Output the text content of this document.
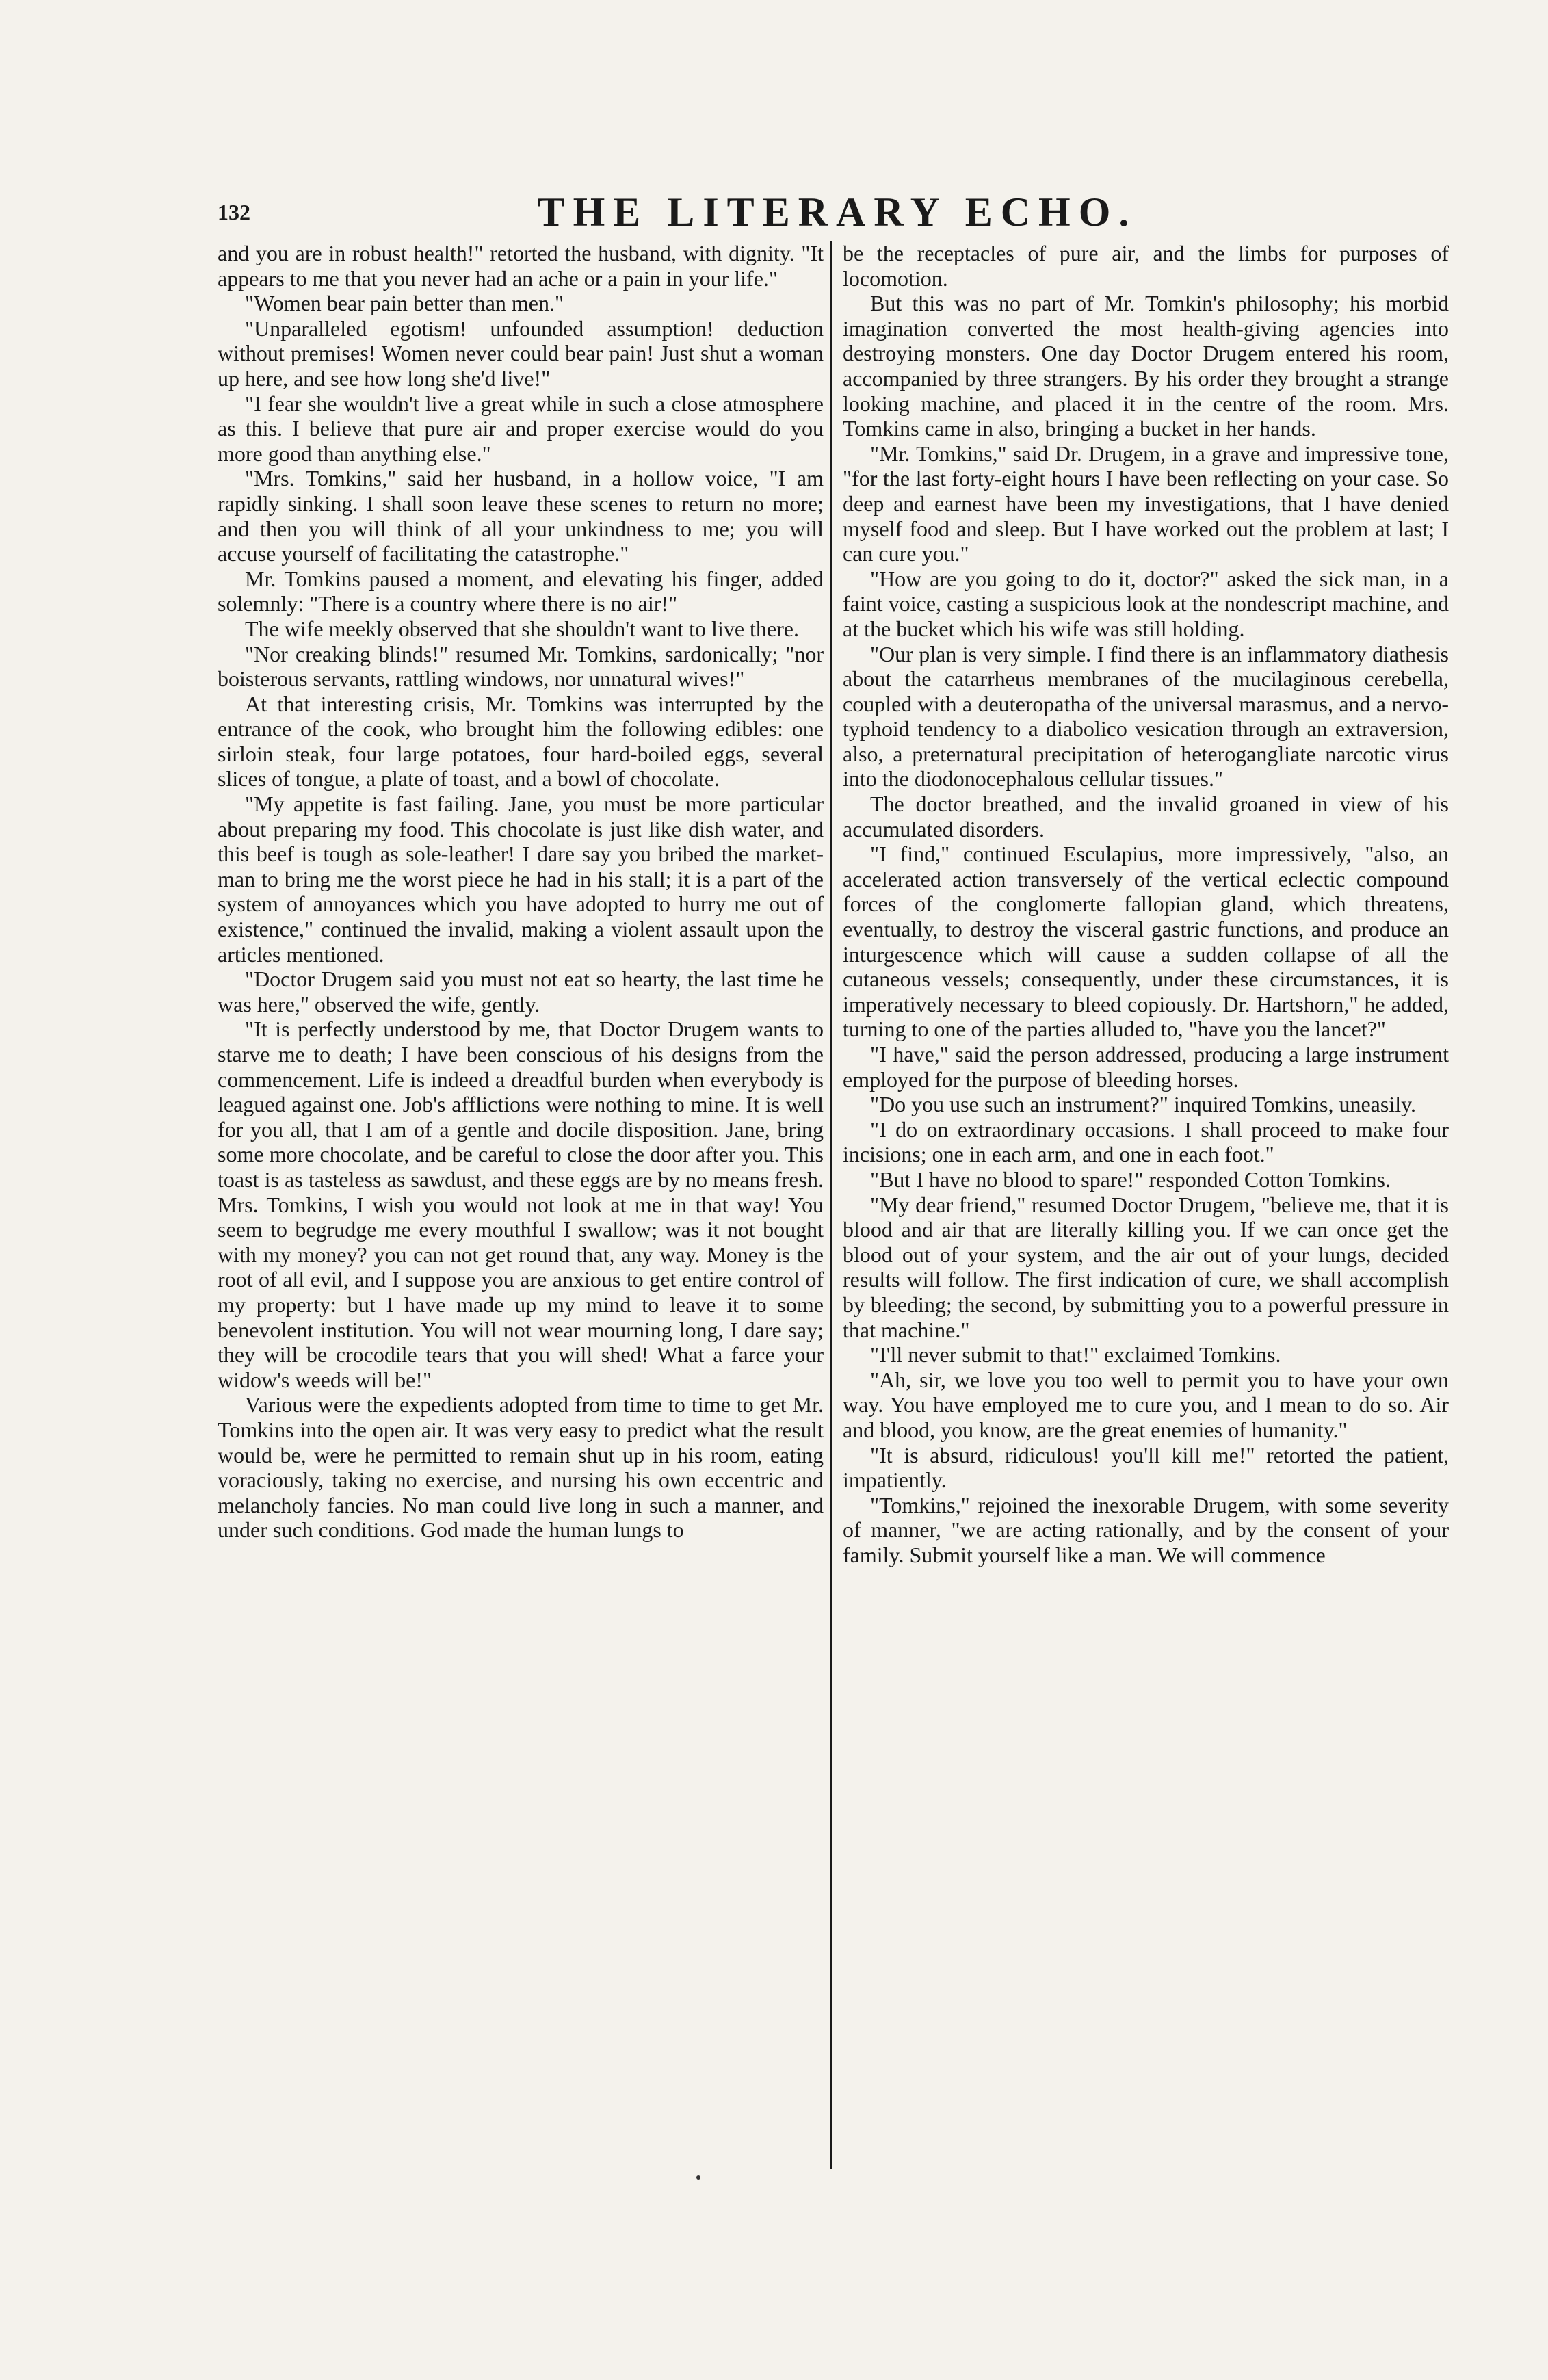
132	THE LITERARY ECHO.

and you are in robust health!" retorted the husband, with dignity. "It appears to me that you never had an ache or a pain in your life."

"Women bear pain better than men."

"Unparalleled egotism! unfounded assumption! deduction without premises! Women never could bear pain! Just shut a woman up here, and see how long she'd live!"

"I fear she wouldn't live a great while in such a close atmosphere as this. I believe that pure air and proper exercise would do you more good than anything else."

"Mrs. Tomkins," said her husband, in a hollow voice, "I am rapidly sinking. I shall soon leave these scenes to return no more; and then you will think of all your unkindness to me; you will accuse yourself of facilitating the catastrophe."

Mr. Tomkins paused a moment, and elevating his finger, added solemnly: "There is a country where there is no air!"

The wife meekly observed that she shouldn't want to live there.

"Nor creaking blinds!" resumed Mr. Tomkins, sardonically; "nor boisterous servants, rattling windows, nor unnatural wives!"

At that interesting crisis, Mr. Tomkins was interrupted by the entrance of the cook, who brought him the following edibles: one sirloin steak, four large potatoes, four hard-boiled eggs, several slices of tongue, a plate of toast, and a bowl of chocolate.

"My appetite is fast failing. Jane, you must be more particular about preparing my food. This chocolate is just like dish water, and this beef is tough as sole-leather! I dare say you bribed the market-man to bring me the worst piece he had in his stall; it is a part of the system of annoyances which you have adopted to hurry me out of existence," continued the invalid, making a violent assault upon the articles mentioned.

"Doctor Drugem said you must not eat so hearty, the last time he was here," observed the wife, gently.

"It is perfectly understood by me, that Doctor Drugem wants to starve me to death; I have been conscious of his designs from the commencement. Life is indeed a dreadful burden when everybody is leagued against one. Job's afflictions were nothing to mine. It is well for you all, that I am of a gentle and docile disposition. Jane, bring some more chocolate, and be careful to close the door after you. This toast is as tasteless as sawdust, and these eggs are by no means fresh. Mrs. Tomkins, I wish you would not look at me in that way! You seem to begrudge me every mouthful I swallow; was it not bought with my money? you can not get round that, any way. Money is the root of all evil, and I suppose you are anxious to get entire control of my property: but I have made up my mind to leave it to some benevolent institution. You will not wear mourning long, I dare say; they will be crocodile tears that you will shed! What a farce your widow's weeds will be!"

Various were the expedients adopted from time to time to get Mr. Tomkins into the open air. It was very easy to predict what the result would be, were he permitted to remain shut up in his room, eating voraciously, taking no exercise, and nursing his own eccentric and melancholy fancies. No man could live long in such a manner, and under such conditions. God made the human lungs to

be the receptacles of pure air, and the limbs for purposes of locomotion.

But this was no part of Mr. Tomkin's philosophy; his morbid imagination converted the most health-giving agencies into destroying monsters. One day Doctor Drugem entered his room, accompanied by three strangers. By his order they brought a strange looking machine, and placed it in the centre of the room. Mrs. Tomkins came in also, bringing a bucket in her hands.

"Mr. Tomkins," said Dr. Drugem, in a grave and impressive tone, "for the last forty-eight hours I have been reflecting on your case. So deep and earnest have been my investigations, that I have denied myself food and sleep. But I have worked out the problem at last; I can cure you."

"How are you going to do it, doctor?" asked the sick man, in a faint voice, casting a suspicious look at the nondescript machine, and at the bucket which his wife was still holding.

"Our plan is very simple. I find there is an inflammatory diathesis about the catarrheus membranes of the mucilaginous cerebella, coupled with a deuteropatha of the universal marasmus, and a nervo-typhoid tendency to a diabolico vesication through an extraversion, also, a preternatural precipitation of heterogangliate narcotic virus into the diodonocephalous cellular tissues."

The doctor breathed, and the invalid groaned in view of his accumulated disorders.

"I find," continued Esculapius, more impressively, "also, an accelerated action transversely of the vertical eclectic compound forces of the conglomerte fallopian gland, which threatens, eventually, to destroy the visceral gastric functions, and produce an inturgescence which will cause a sudden collapse of all the cutaneous vessels; consequently, under these circumstances, it is imperatively necessary to bleed copiously. Dr. Hartshorn," he added, turning to one of the parties alluded to, "have you the lancet?"

"I have," said the person addressed, producing a large instrument employed for the purpose of bleeding horses.

"Do you use such an instrument?" inquired Tomkins, uneasily.

"I do on extraordinary occasions. I shall proceed to make four incisions; one in each arm, and one in each foot."

"But I have no blood to spare!" responded Cotton Tomkins.

"My dear friend," resumed Doctor Drugem, "believe me, that it is blood and air that are literally killing you. If we can once get the blood out of your system, and the air out of your lungs, decided results will follow. The first indication of cure, we shall accomplish by bleeding; the second, by submitting you to a powerful pressure in that machine."

"I'll never submit to that!" exclaimed Tomkins.

"Ah, sir, we love you too well to permit you to have your own way. You have employed me to cure you, and I mean to do so. Air and blood, you know, are the great enemies of humanity."

"It is absurd, ridiculous! you'll kill me!" retorted the patient, impatiently.

"Tomkins," rejoined the inexorable Drugem, with some severity of manner, "we are acting rationally, and by the consent of your family. Submit yourself like a man. We will commence
